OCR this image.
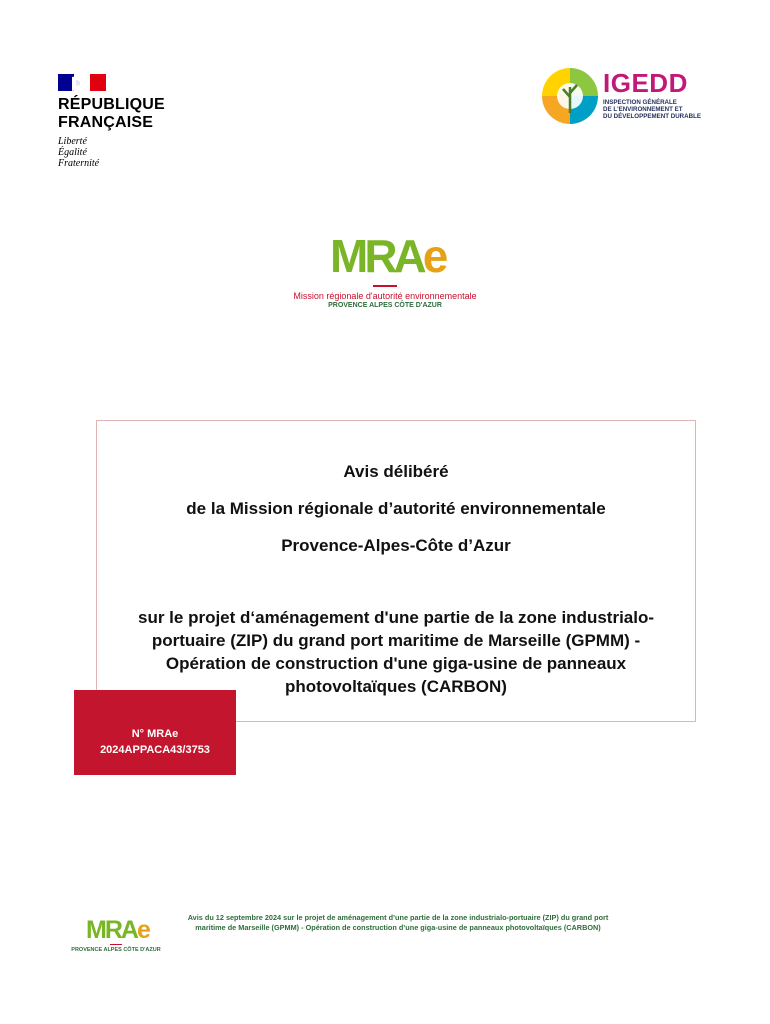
RÉPUBLIQUE
FRANÇAISE
Liberté
Égalité
Fraternité
IGEDD
INSPECTION GÉNÉRALE
DE L'ENVIRONNEMENT ET
DU DÉVELOPPEMENT DURABLE
MRAe
Mission régionale d'autorité environnementale
PROVENCE ALPES CÔTE D'AZUR
Avis délibéré
de la Mission régionale d’autorité environnementale
Provence-Alpes-Côte d’Azur
sur le projet d‘aménagement d'une partie de la zone industrialo-
portuaire (ZIP) du grand port maritime de Marseille (GPMM) -
Opération de construction d'une giga-usine de panneaux
photovoltaïques (CARBON)
N° MRAe
2024APPACA43/3753
MRAe
PROVENCE ALPES CÔTE D'AZUR
Avis du 12 septembre 2024 sur le projet de aménagement d’une partie de la zone industrialo-portuaire (ZIP) du grand port
maritime de Marseille (GPMM) - Opération de construction d’une giga-usine de panneaux photovoltaïques (CARBON)
